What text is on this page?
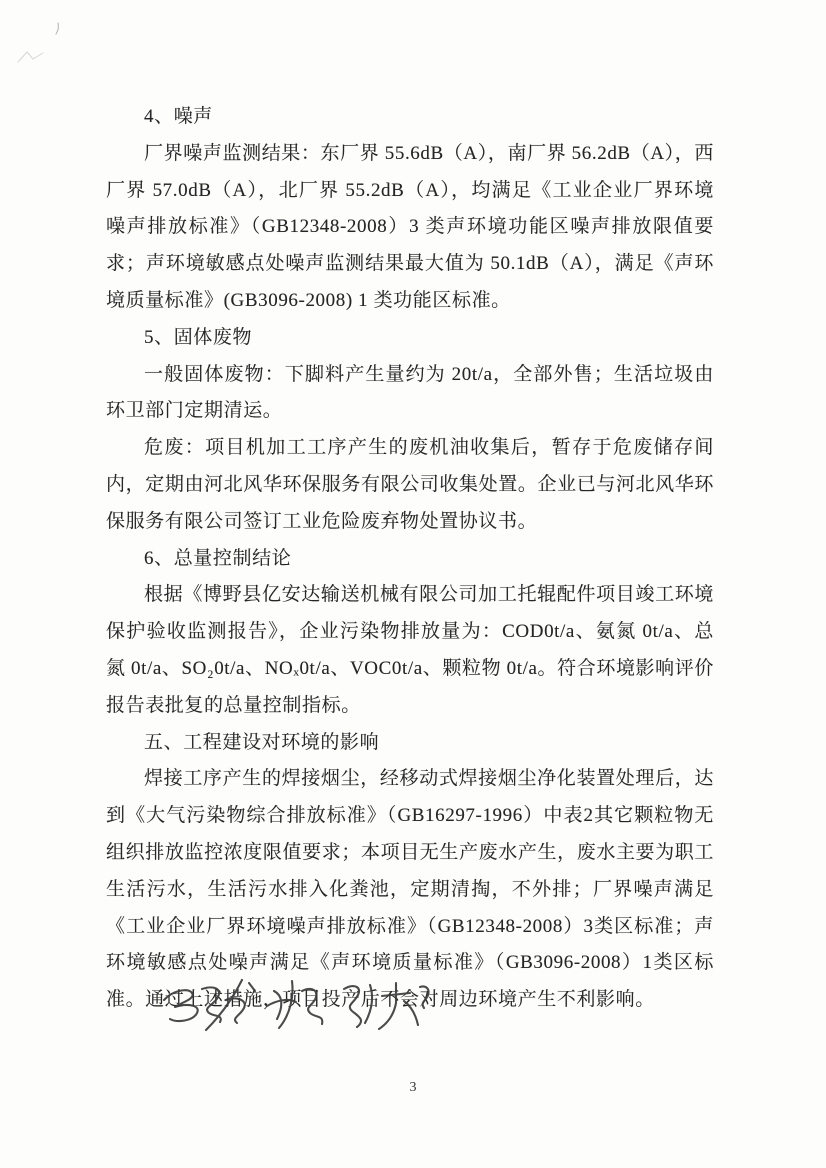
4、噪声

厂界噪声监测结果：东厂界 55.6dB（A），南厂界 56.2dB（A），西厂界 57.0dB（A），北厂界 55.2dB（A），均满足《工业企业厂界环境噪声排放标准》（GB12348-2008）3 类声环境功能区噪声排放限值要求；声环境敏感点处噪声监测结果最大值为 50.1dB（A），满足《声环境质量标准》(GB3096-2008) 1 类功能区标准。

5、固体废物

一般固体废物：下脚料产生量约为 20t/a，全部外售；生活垃圾由环卫部门定期清运。

危废：项目机加工工序产生的废机油收集后，暂存于危废储存间内，定期由河北风华环保服务有限公司收集处置。企业已与河北风华环保服务有限公司签订工业危险废弃物处置协议书。

6、总量控制结论

根据《博野县亿安达输送机械有限公司加工托辊配件项目竣工环境保护验收监测报告》，企业污染物排放量为：COD0t/a、氨氮 0t/a、总氮 0t/a、SO₂0t/a、NOₓ0t/a、VOC0t/a、颗粒物 0t/a。符合环境影响评价报告表批复的总量控制指标。

五、工程建设对环境的影响

焊接工序产生的焊接烟尘，经移动式焊接烟尘净化装置处理后，达到《大气污染物综合排放标准》（GB16297-1996）中表2其它颗粒物无组织排放监控浓度限值要求；本项目无生产废水产生，废水主要为职工生活污水，生活污水排入化粪池，定期清掏，不外排；厂界噪声满足《工业企业厂界环境噪声排放标准》（GB12348-2008）3类区标准；声环境敏感点处噪声满足《声环境质量标准》（GB3096-2008）1类区标准。通过上述措施，项目投产后不会对周边环境产生不利影响。

3
